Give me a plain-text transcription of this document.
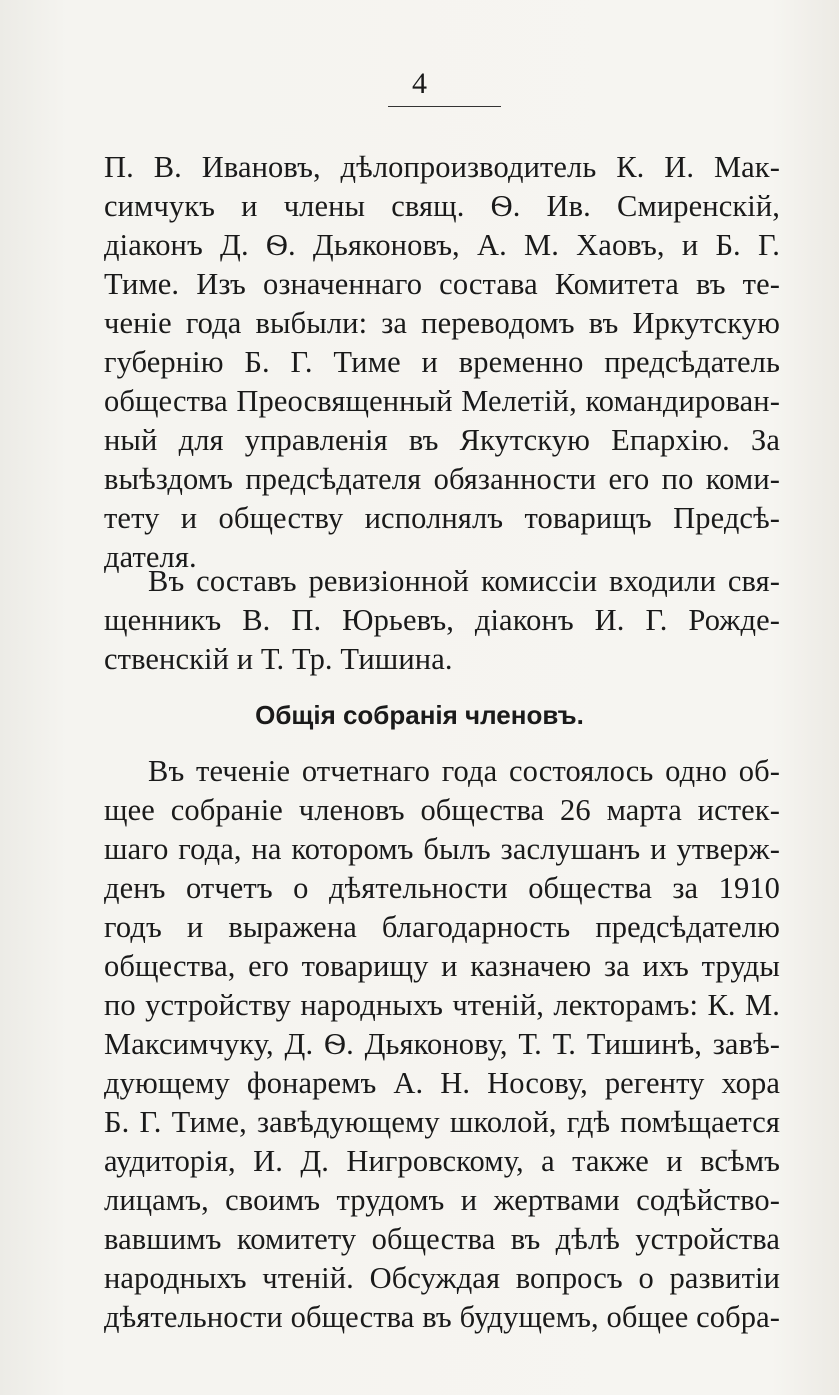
4
П. В. Ивановъ, дѣлопроизводитель К. И. Мак-
симчукъ и члены свящ. Ѳ. Ив. Смиренскій,
діаконъ Д. Ѳ. Дьяконовъ, А. М. Хаовъ, и Б. Г.
Тиме. Изъ означеннаго состава Комитета въ те-
ченіе года выбыли: за переводомъ въ Иркутскую
губернію Б. Г. Тиме и временно предсѣдатель
общества Преосвященный Мелетій, командирован-
ный для управленія въ Якутскую Епархію. За
выѣздомъ предсѣдателя обязанности его по коми-
тету и обществу исполнялъ товарищъ Предсѣ-
дателя.
Въ составъ ревизіонной комиссіи входили свя-
щенникъ В. П. Юрьевъ, діаконъ И. Г. Рожде-
ственскій и Т. Тр. Тишина.
Общія собранія членовъ.
Въ теченіе отчетнаго года состоялось одно об-
щее собраніе членовъ общества 26 марта истек-
шаго года, на которомъ былъ заслушанъ и утверж-
денъ отчетъ о дѣятельности общества за 1910
годъ и выражена благодарность предсѣдателю
общества, его товарищу и казначею за ихъ труды
по устройству народныхъ чтеній, лекторамъ: К. М.
Максимчуку, Д. Ѳ. Дьяконову, Т. Т. Тишинѣ, завѣ-
дующему фонаремъ А. Н. Носову, регенту хора
Б. Г. Тиме, завѣдующему школой, гдѣ помѣщается
аудиторія, И. Д. Нигровскому, а также и всѣмъ
лицамъ, своимъ трудомъ и жертвами содѣйство-
вавшимъ комитету общества въ дѣлѣ устройства
народныхъ чтеній. Обсуждая вопросъ о развитіи
дѣятельности общества въ будущемъ, общее собра-
